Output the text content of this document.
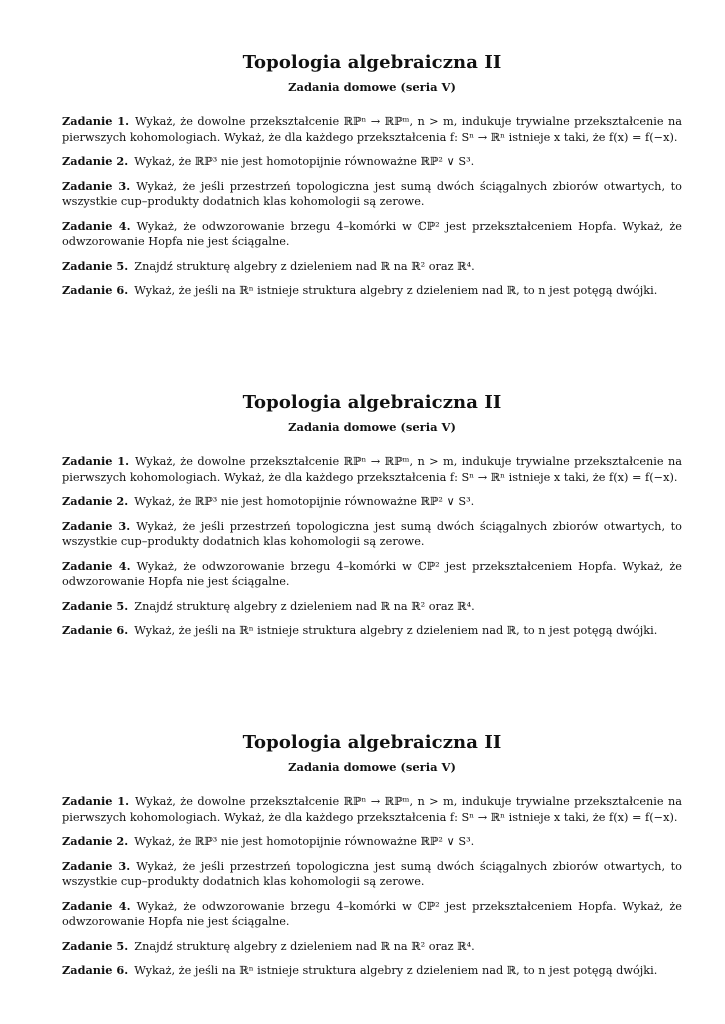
Topologia algebraiczna II
Zadania domowe (seria V)

Zadanie 1. Wykaż, że dowolne przekształcenie ℝℙⁿ → ℝℙᵐ, n > m, indukuje trywialne przekształcenie na pierwszych kohomologiach. Wykaż, że dla każdego przekształcenia f: Sⁿ → ℝⁿ istnieje x taki, że f(x) = f(−x).

Zadanie 2. Wykaż, że ℝℙ³ nie jest homotopijnie równoważne ℝℙ² ∨ S³.

Zadanie 3. Wykaż, że jeśli przestrzeń topologiczna jest sumą dwóch ściągalnych zbiorów otwartych, to wszystkie cup–produkty dodatnich klas kohomologii są zerowe.

Zadanie 4. Wykaż, że odwzorowanie brzegu 4–komórki w ℂℙ² jest przekształceniem Hopfa. Wykaż, że odwzorowanie Hopfa nie jest ściągalne.

Zadanie 5. Znajdź strukturę algebry z dzieleniem nad ℝ na ℝ² oraz ℝ⁴.

Zadanie 6. Wykaż, że jeśli na ℝⁿ istnieje struktura algebry z dzieleniem nad ℝ, to n jest potęgą dwójki.

Topologia algebraiczna II
Zadania domowe (seria V)

Zadanie 1. Wykaż, że dowolne przekształcenie ℝℙⁿ → ℝℙᵐ, n > m, indukuje trywialne przekształcenie na pierwszych kohomologiach. Wykaż, że dla każdego przekształcenia f: Sⁿ → ℝⁿ istnieje x taki, że f(x) = f(−x).

Zadanie 2. Wykaż, że ℝℙ³ nie jest homotopijnie równoważne ℝℙ² ∨ S³.

Zadanie 3. Wykaż, że jeśli przestrzeń topologiczna jest sumą dwóch ściągalnych zbiorów otwartych, to wszystkie cup–produkty dodatnich klas kohomologii są zerowe.

Zadanie 4. Wykaż, że odwzorowanie brzegu 4–komórki w ℂℙ² jest przekształceniem Hopfa. Wykaż, że odwzorowanie Hopfa nie jest ściągalne.

Zadanie 5. Znajdź strukturę algebry z dzieleniem nad ℝ na ℝ² oraz ℝ⁴.

Zadanie 6. Wykaż, że jeśli na ℝⁿ istnieje struktura algebry z dzieleniem nad ℝ, to n jest potęgą dwójki.

Topologia algebraiczna II
Zadania domowe (seria V)

Zadanie 1. Wykaż, że dowolne przekształcenie ℝℙⁿ → ℝℙᵐ, n > m, indukuje trywialne przekształcenie na pierwszych kohomologiach. Wykaż, że dla każdego przekształcenia f: Sⁿ → ℝⁿ istnieje x taki, że f(x) = f(−x).

Zadanie 2. Wykaż, że ℝℙ³ nie jest homotopijnie równoważne ℝℙ² ∨ S³.

Zadanie 3. Wykaż, że jeśli przestrzeń topologiczna jest sumą dwóch ściągalnych zbiorów otwartych, to wszystkie cup–produkty dodatnich klas kohomologii są zerowe.

Zadanie 4. Wykaż, że odwzorowanie brzegu 4–komórki w ℂℙ² jest przekształceniem Hopfa. Wykaż, że odwzorowanie Hopfa nie jest ściągalne.

Zadanie 5. Znajdź strukturę algebry z dzieleniem nad ℝ na ℝ² oraz ℝ⁴.

Zadanie 6. Wykaż, że jeśli na ℝⁿ istnieje struktura algebry z dzieleniem nad ℝ, to n jest potęgą dwójki.
